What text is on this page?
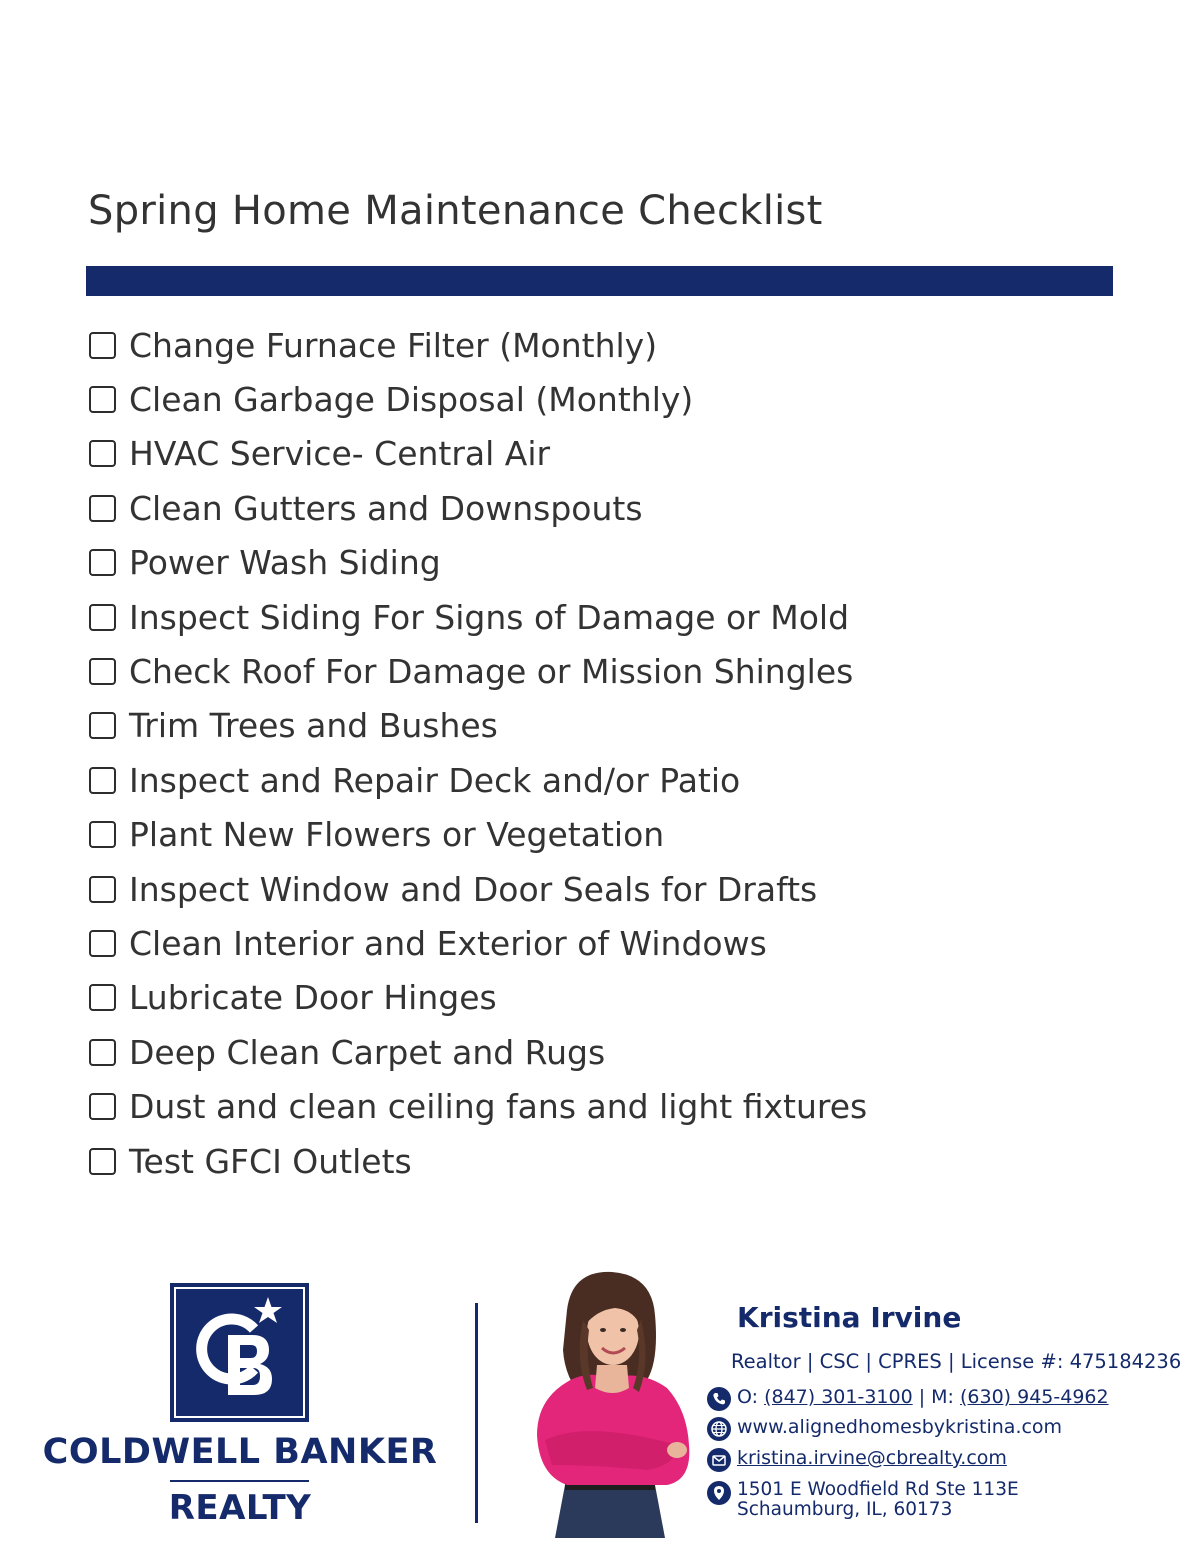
Spring Home Maintenance Checklist
Change Furnace Filter (Monthly)
Clean Garbage Disposal (Monthly)
HVAC Service- Central Air
Clean Gutters and Downspouts
Power Wash Siding
Inspect Siding For Signs of Damage or Mold
Check Roof For Damage or Mission Shingles
Trim Trees and Bushes
Inspect and Repair Deck and/or Patio
Plant New Flowers or Vegetation
Inspect Window and Door Seals for Drafts
Clean Interior and Exterior of Windows
Lubricate Door Hinges
Deep Clean Carpet and Rugs
Dust and clean ceiling fans and light fixtures
Test GFCI Outlets
COLDWELL BANKER
REALTY
Kristina Irvine
Realtor | CSC | CPRES | License #: 475184236
O: (847) 301-3100 | M: (630) 945-4962
www.alignedhomesbykristina.com
kristina.irvine@cbrealty.com
1501 E Woodfield Rd Ste 113E
Schaumburg, IL, 60173
